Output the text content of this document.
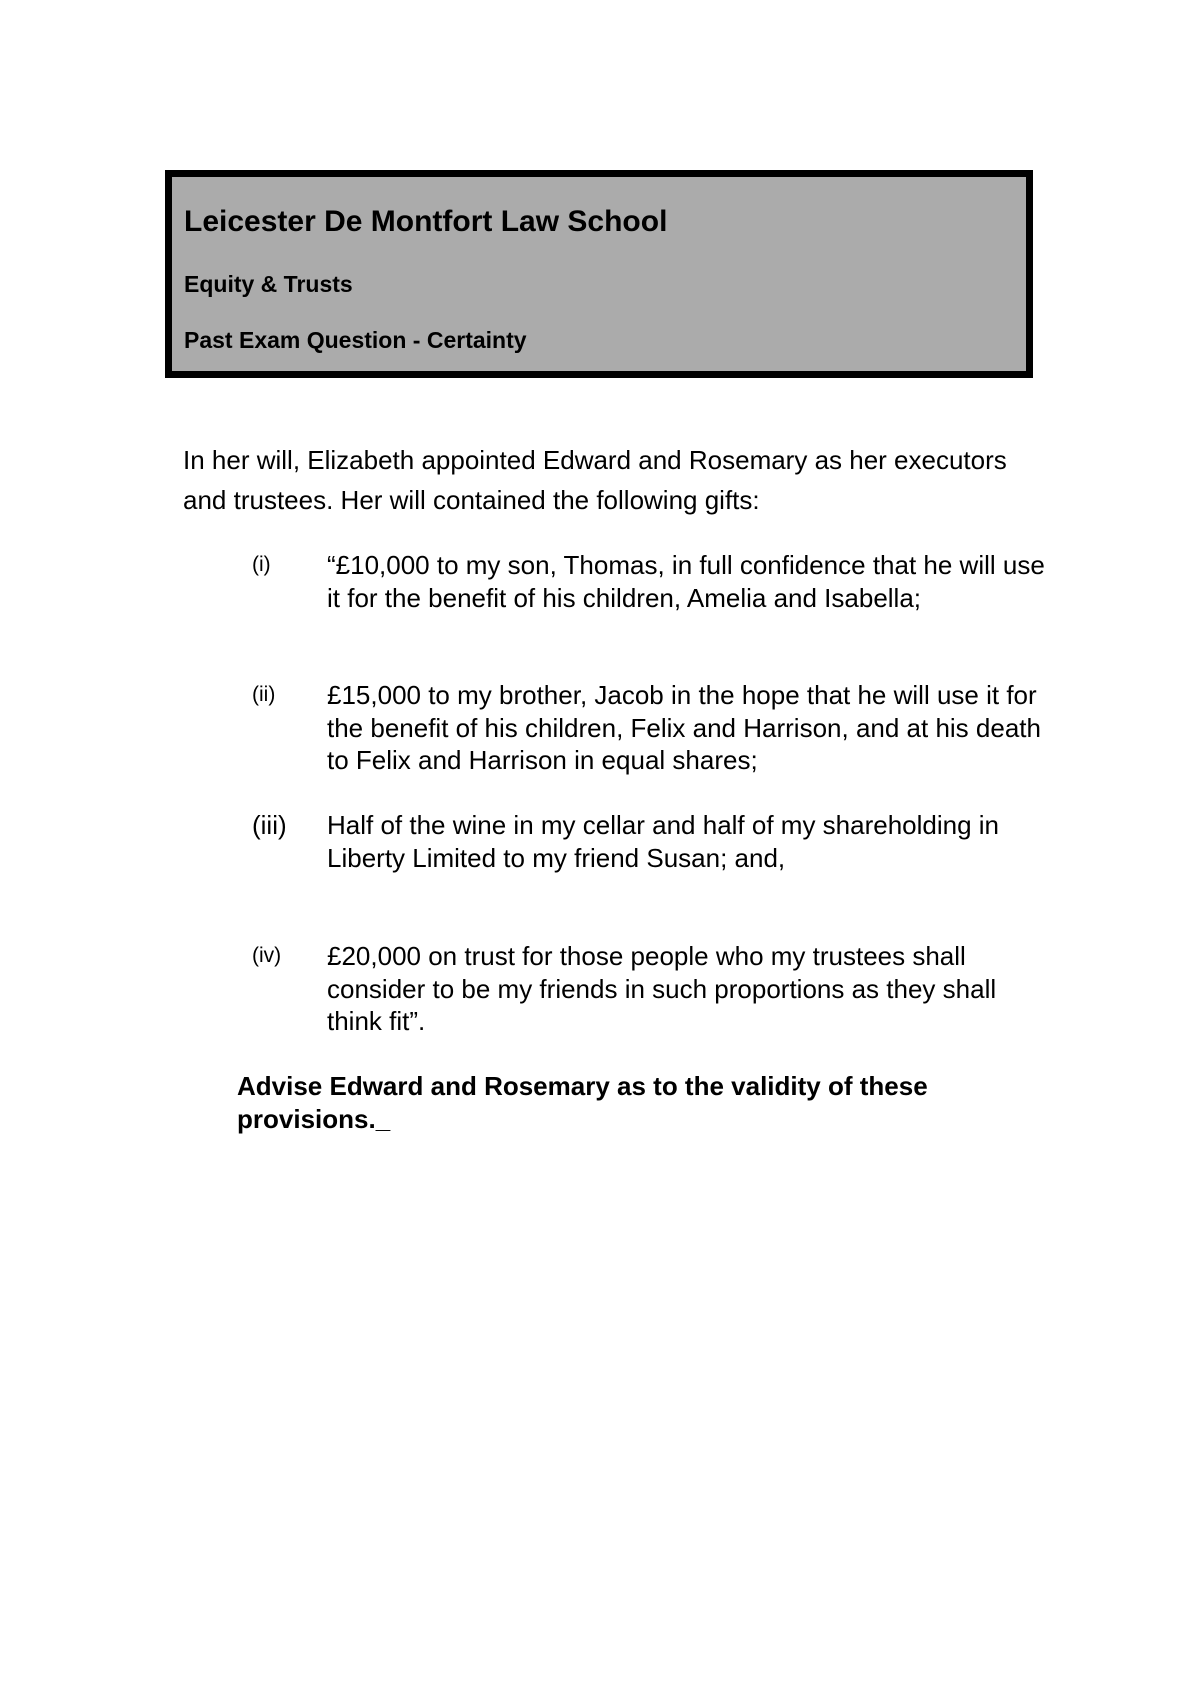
Leicester De Montfort Law School
Equity & Trusts
Past Exam Question - Certainty
In her will, Elizabeth appointed Edward and Rosemary as her executors and trustees. Her will contained the following gifts:
(i) “£10,000 to my son, Thomas, in full confidence that he will use it for the benefit of his children, Amelia and Isabella;
(ii) £15,000 to my brother, Jacob in the hope that he will use it for the benefit of his children, Felix and Harrison, and at his death to Felix and Harrison in equal shares;
(iii) Half of the wine in my cellar and half of my shareholding in Liberty Limited to my friend Susan; and,
(iv) £20,000 on trust for those people who my trustees shall consider to be my friends in such proportions as they shall think fit”.
Advise Edward and Rosemary as to the validity of these provisions._
